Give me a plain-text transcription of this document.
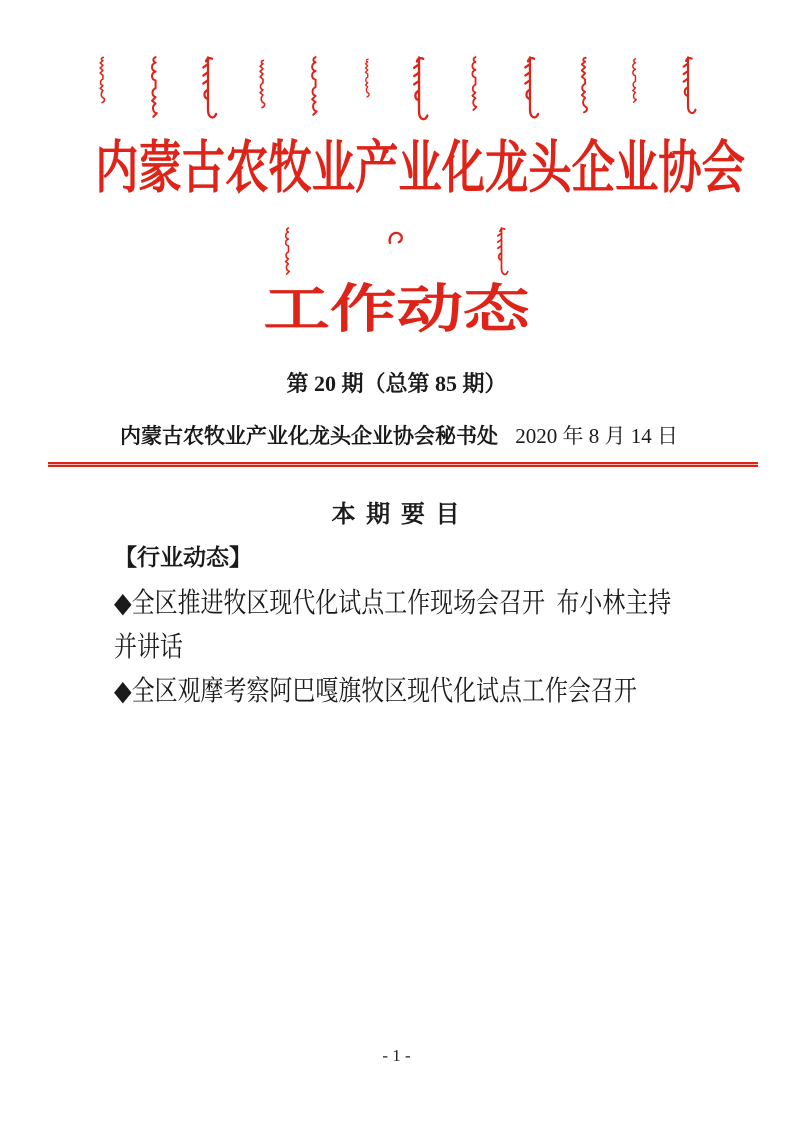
内蒙古农牧业产业化龙头企业协会
工作动态
第 20 期（总第 85 期）
内蒙古农牧业产业化龙头企业协会秘书处 2020 年 8 月 14 日
本 期 要 目
【行业动态】
◆全区推进牧区现代化试点工作现场会召开  布小林主持
并讲话
◆全区观摩考察阿巴嘎旗牧区现代化试点工作会召开
- 1 -
